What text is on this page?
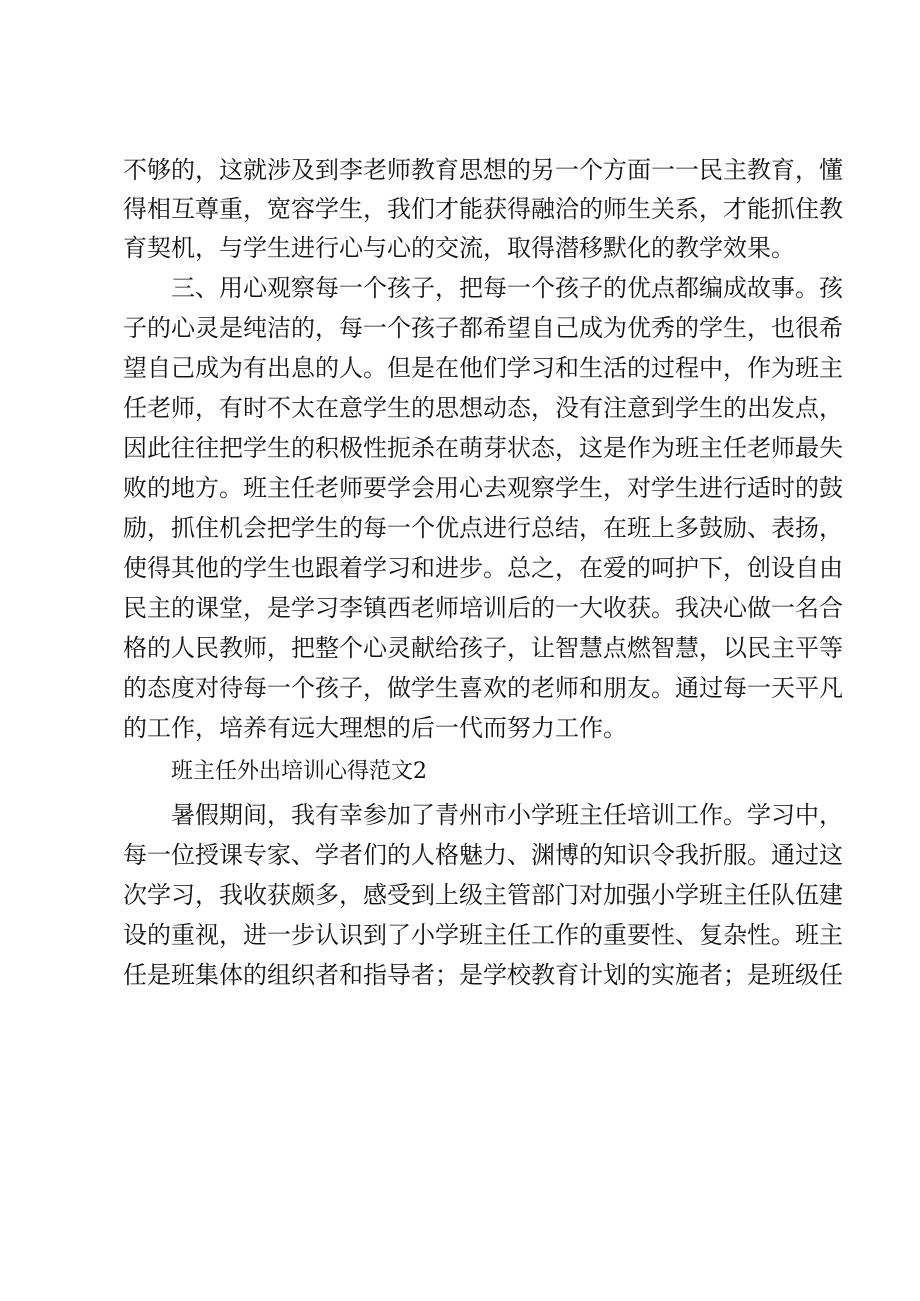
不够的，这就涉及到李老师教育思想的另一个方面一一民主教育，懂
得相互尊重，宽容学生，我们才能获得融洽的师生关系，才能抓住教
育契机，与学生进行心与心的交流，取得潜移默化的教学效果。
三、用心观察每一个孩子，把每一个孩子的优点都编成故事。孩
子的心灵是纯洁的，每一个孩子都希望自己成为优秀的学生，也很希
望自己成为有出息的人。但是在他们学习和生活的过程中，作为班主
任老师，有时不太在意学生的思想动态，没有注意到学生的出发点，
因此往往把学生的积极性扼杀在萌芽状态，这是作为班主任老师最失
败的地方。班主任老师要学会用心去观察学生，对学生进行适时的鼓
励，抓住机会把学生的每一个优点进行总结，在班上多鼓励、表扬，
使得其他的学生也跟着学习和进步。总之，在爱的呵护下，创设自由
民主的课堂，是学习李镇西老师培训后的一大收获。我决心做一名合
格的人民教师，把整个心灵献给孩子，让智慧点燃智慧，以民主平等
的态度对待每一个孩子，做学生喜欢的老师和朋友。通过每一天平凡
的工作，培养有远大理想的后一代而努力工作。
班主任外出培训心得范文2
暑假期间，我有幸参加了青州市小学班主任培训工作。学习中，
每一位授课专家、学者们的人格魅力、渊博的知识令我折服。通过这
次学习，我收获颇多，感受到上级主管部门对加强小学班主任队伍建
设的重视，进一步认识到了小学班主任工作的重要性、复杂性。班主
任是班集体的组织者和指导者；是学校教育计划的实施者；是班级任
